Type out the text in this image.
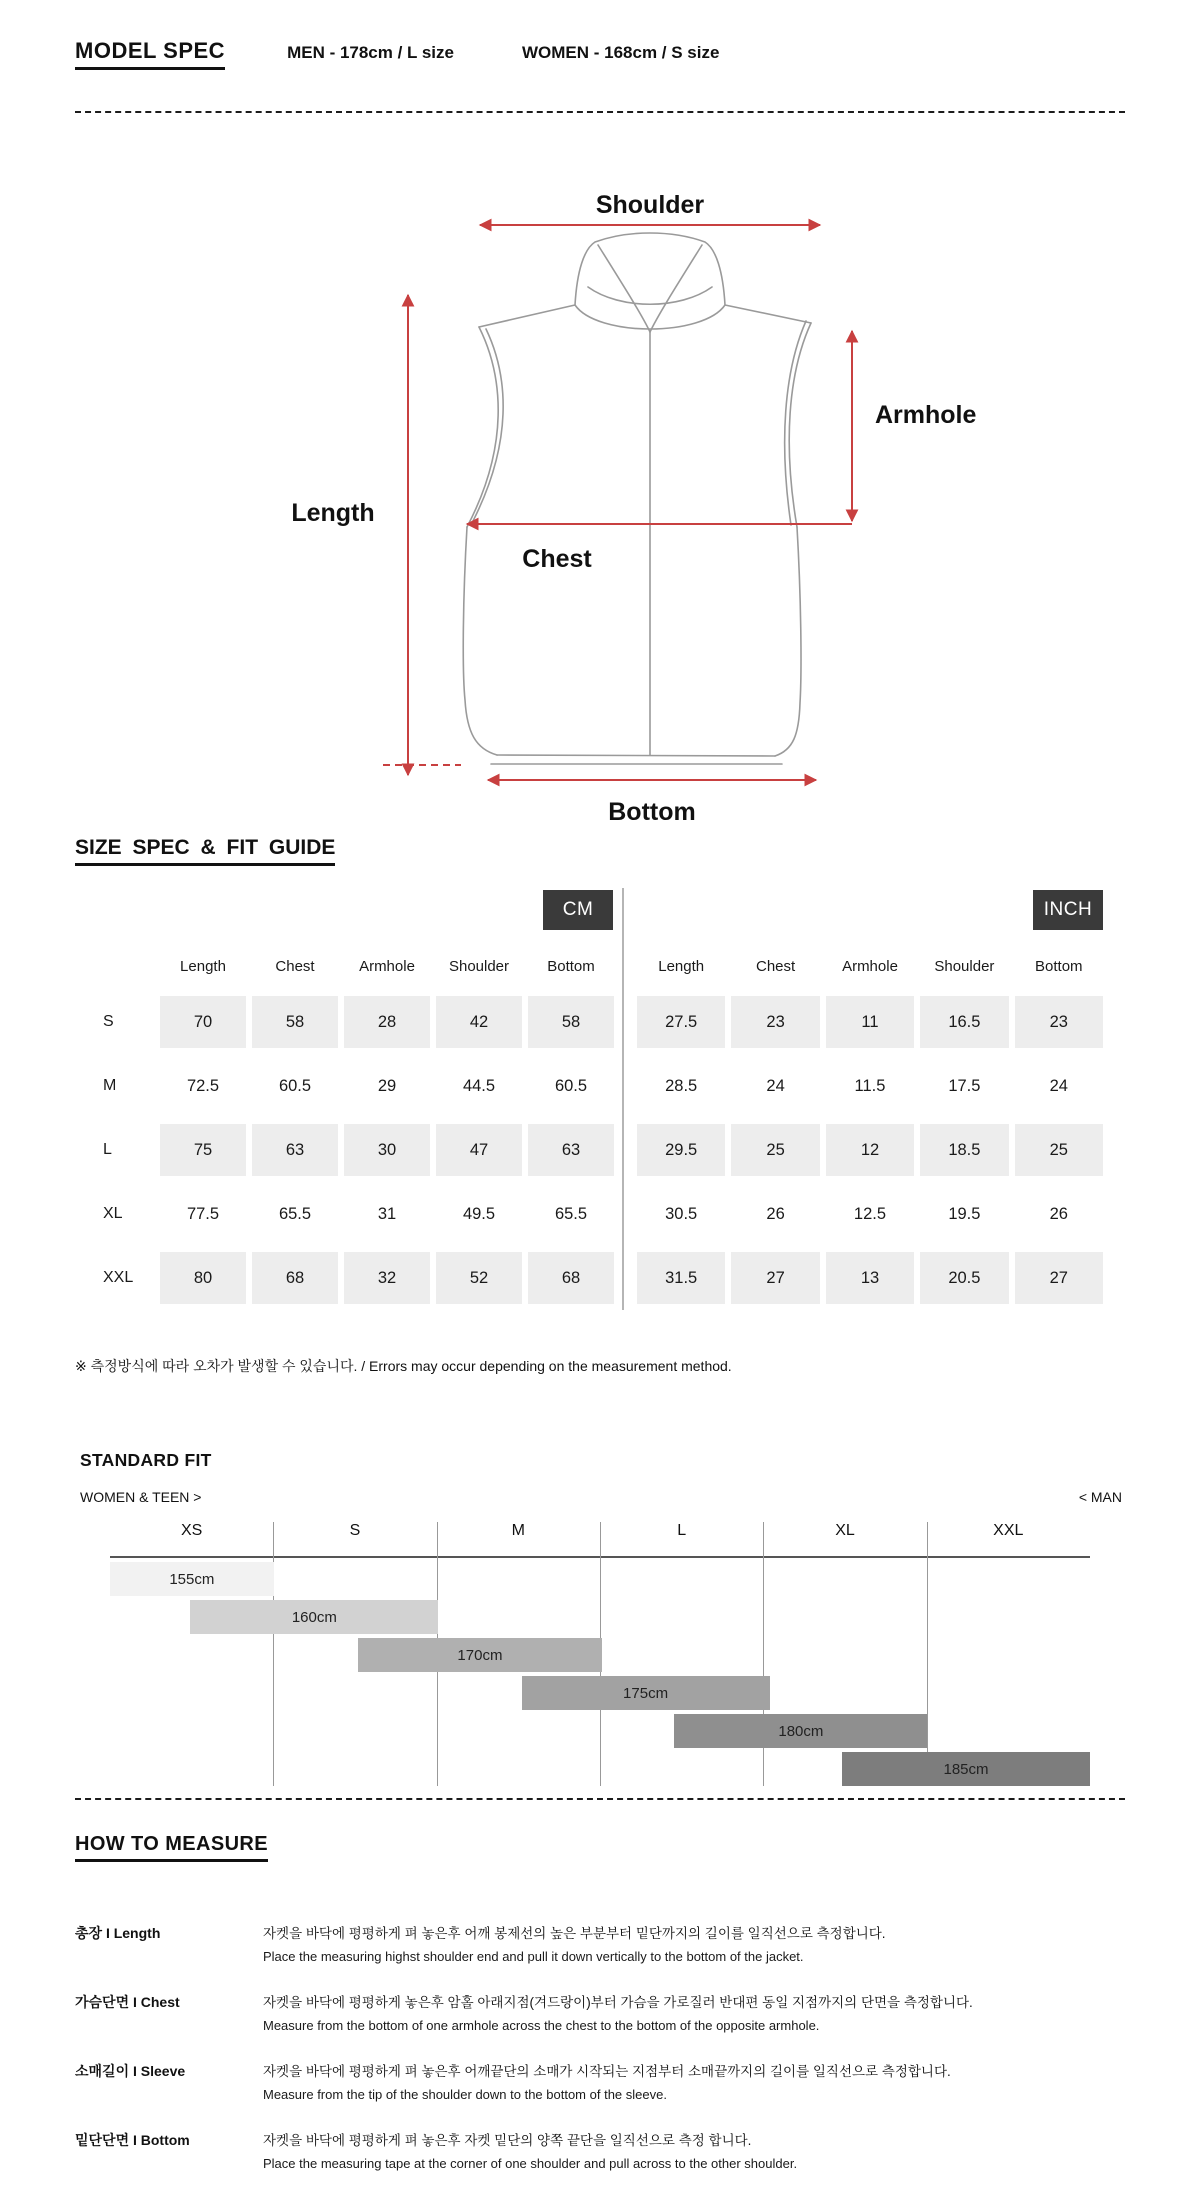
MODEL SPEC	MEN - 178cm / L size	WOMEN - 168cm / S size
Shoulder
Length
Chest
Armhole
Bottom
SIZE SPEC & FIT GUIDE
CM	INCH
Length	Chest	Armhole	Shoulder	Bottom
S	70	58	28	42	58
M	72.5	60.5	29	44.5	60.5
L	75	63	30	47	63
XL	77.5	65.5	31	49.5	65.5
XXL	80	68	32	52	68
Length	Chest	Armhole	Shoulder	Bottom
27.5	23	11	16.5	23
28.5	24	11.5	17.5	24
29.5	25	12	18.5	25
30.5	26	12.5	19.5	26
31.5	27	13	20.5	27
※ 측정방식에 따라 오차가 발생할 수 있습니다. / Errors may occur depending on the measurement method.
STANDARD FIT
WOMEN & TEEN >	< MAN
XS	S	M	L	XL	XXL
155cm
160cm
170cm
175cm
180cm
185cm
HOW TO MEASURE
총장 I Length	자켓을 바닥에 평평하게 펴 놓은후 어깨 봉제선의 높은 부분부터 밑단까지의 길이를 일직선으로 측정합니다.
Place the measuring highst shoulder end and pull it down vertically to the bottom of the jacket.
가슴단면 I Chest	자켓을 바닥에 평평하게 놓은후 암홀 아래지점(겨드랑이)부터 가슴을 가로질러 반대편 동일 지점까지의 단면을 측정합니다.
Measure from the bottom of one armhole across the chest to the bottom of the opposite armhole.
소매길이 I Sleeve	자켓을 바닥에 평평하게 펴 놓은후 어깨끝단의 소매가 시작되는 지점부터 소매끝까지의 길이를 일직선으로 측정합니다.
Measure from the tip of the shoulder down to the bottom of the sleeve.
밑단단면 I Bottom	자켓을 바닥에 평평하게 펴 놓은후 자켓 밑단의 양쪽 끝단을 일직선으로 측정 합니다.
Place the measuring tape at the corner of one shoulder and pull across to the other shoulder.
